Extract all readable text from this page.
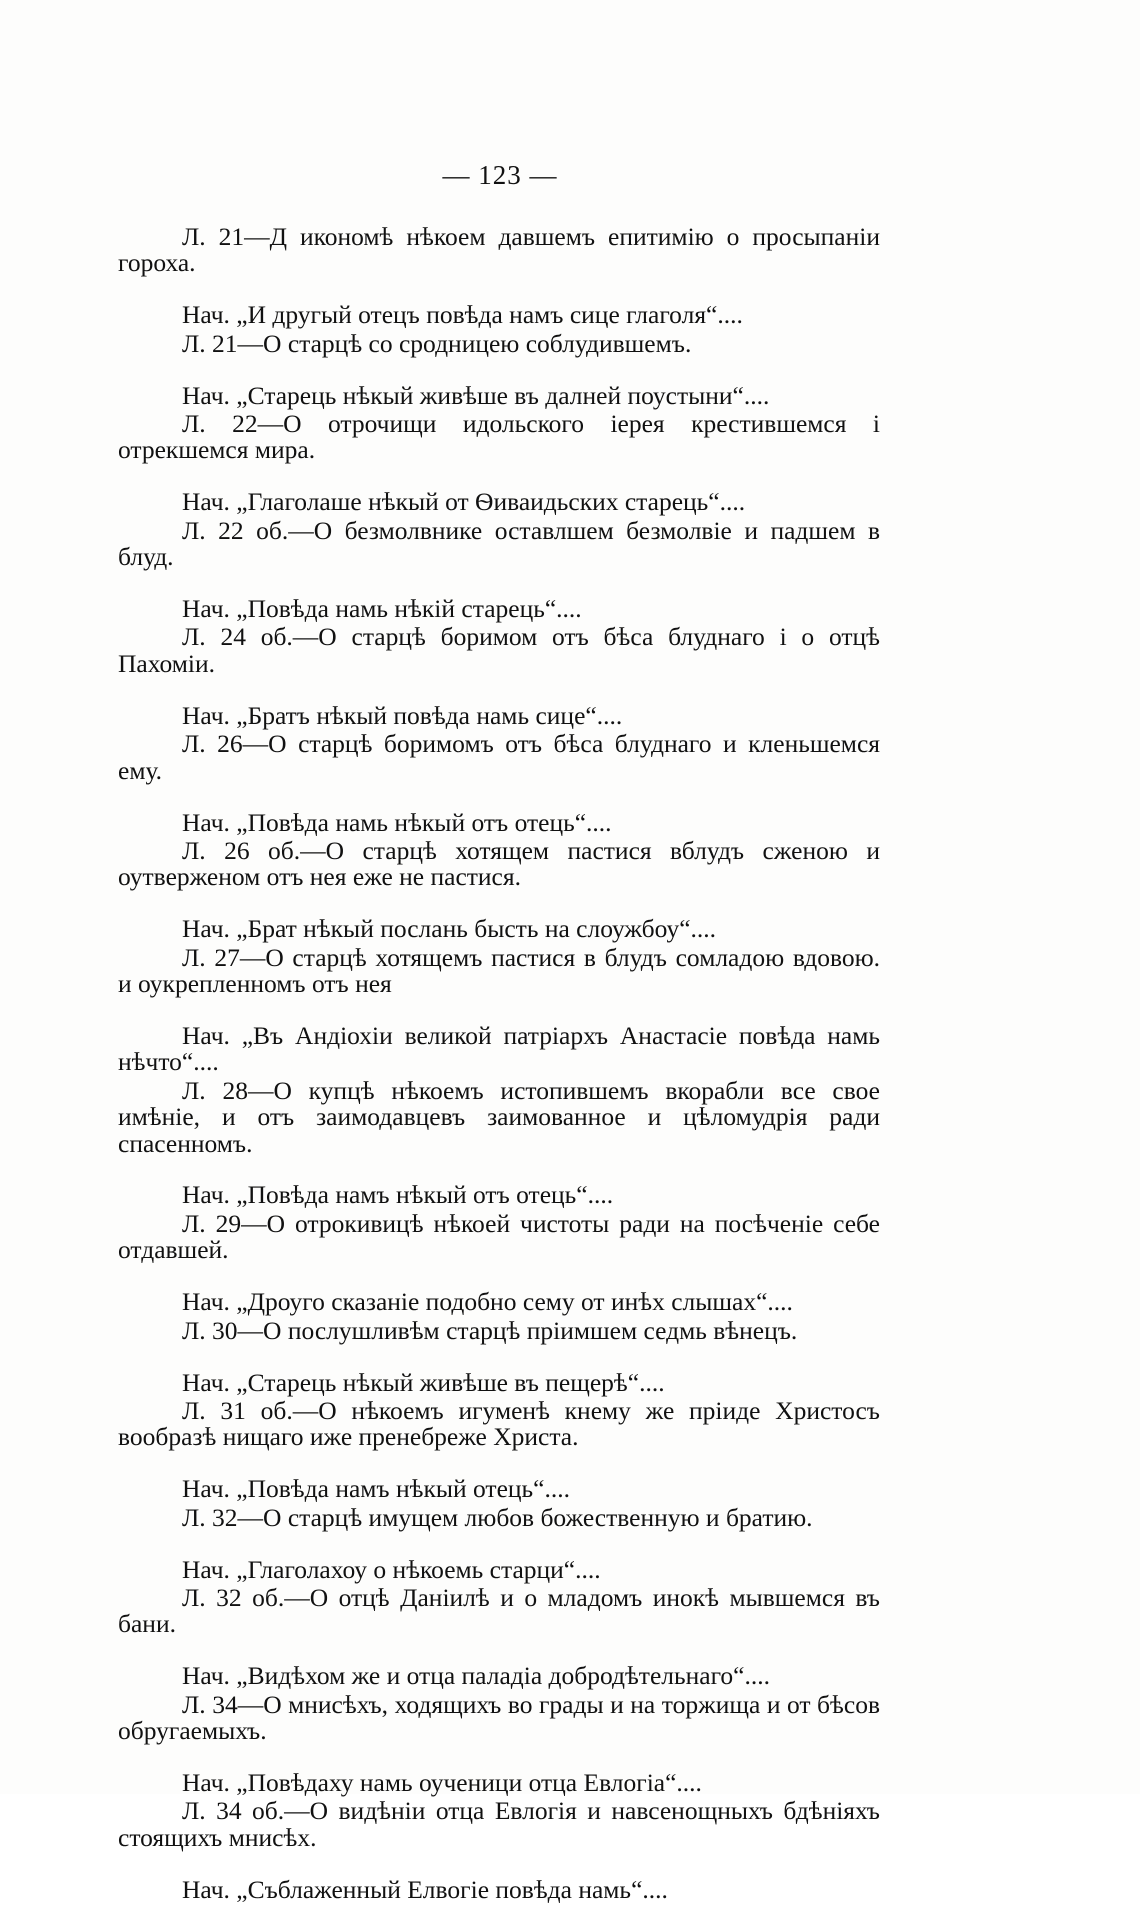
— 123 —

Л. 21—Д икономѣ нѣкоем давшемъ епитимію о просыпаніи гороха.

Нач. „И другый отецъ повѣда намъ сице глаголя“....

Л. 21—О старцѣ со сродницею соблудившемъ.

Нач. „Старець нѣкый живѣше въ далней поустыни“....

Л. 22—О отрочищи идольского іерея крестившемся і отрекшемся мира.

Нач. „Глаголаше нѣкый от Ѳиваидьских старець“....

Л. 22 об.—О безмолвнике оставлшем безмолвіе и падшем в блуд.

Нач. „Повѣда намь нѣкій старець“....

Л. 24 об.—О старцѣ боримом отъ бѣса блуднаго і о отцѣ Пахоміи.

Нач. „Братъ нѣкый повѣда намь сице“....

Л. 26—О старцѣ боримомъ отъ бѣса блуднаго и кленьшемся ему.

Нач. „Повѣда намь нѣкый отъ отець“....

Л. 26 об.—О старцѣ хотящем пастися вблудъ сженою и оутверженом отъ нея еже не пастися.

Нач. „Брат нѣкый послань бысть на слоужбоу“....

Л. 27—О старцѣ хотящемъ пастися в блудъ сомладою вдовою. и оукрепленномъ отъ нея

Нач. „Въ Андіохіи великой патріархъ Анастасіе повѣда намь нѣчто“....

Л. 28—О купцѣ нѣкоемъ истопившемъ вкорабли все свое имѣніе, и отъ заимодавцевъ заимованное и цѣломудрія ради спасенномъ.

Нач. „Повѣда намъ нѣкый отъ отець“....

Л. 29—О отрокивицѣ нѣкоей чистоты ради на посѣченіе себе отдавшей.

Нач. „Дроуго сказаніе подобно сему от инѣх слышах“....

Л. 30—О послушливѣм старцѣ пріимшем седмь вѣнецъ.

Нач. „Старець нѣкый живѣше въ пещерѣ“....

Л. 31 об.—О нѣкоемъ игуменѣ кнему же пріиде Христосъ вообразѣ нищаго иже пренебреже Христа.

Нач. „Повѣда намъ нѣкый отець“....

Л. 32—О старцѣ имущем любов божественную и братию.

Нач. „Глаголахоу о нѣкоемь старци“....

Л. 32 об.—О отцѣ Даніилѣ и о младомъ инокѣ мывшемся въ бани.

Нач. „Видѣхом же и отца паладіа добродѣтельнаго“....

Л. 34—О мнисѣхъ, ходящихъ во грады и на торжища и от бѣсов обругаемыхъ.

Нач. „Повѣдаху намь оученици отца Евлогіа“....

Л. 34 об.—О видѣніи отца Евлогія и навсенощныхъ бдѣніяхъ стоящихъ мнисѣх.

Нач. „Съблаженный Елвогіе повѣда намь“....
